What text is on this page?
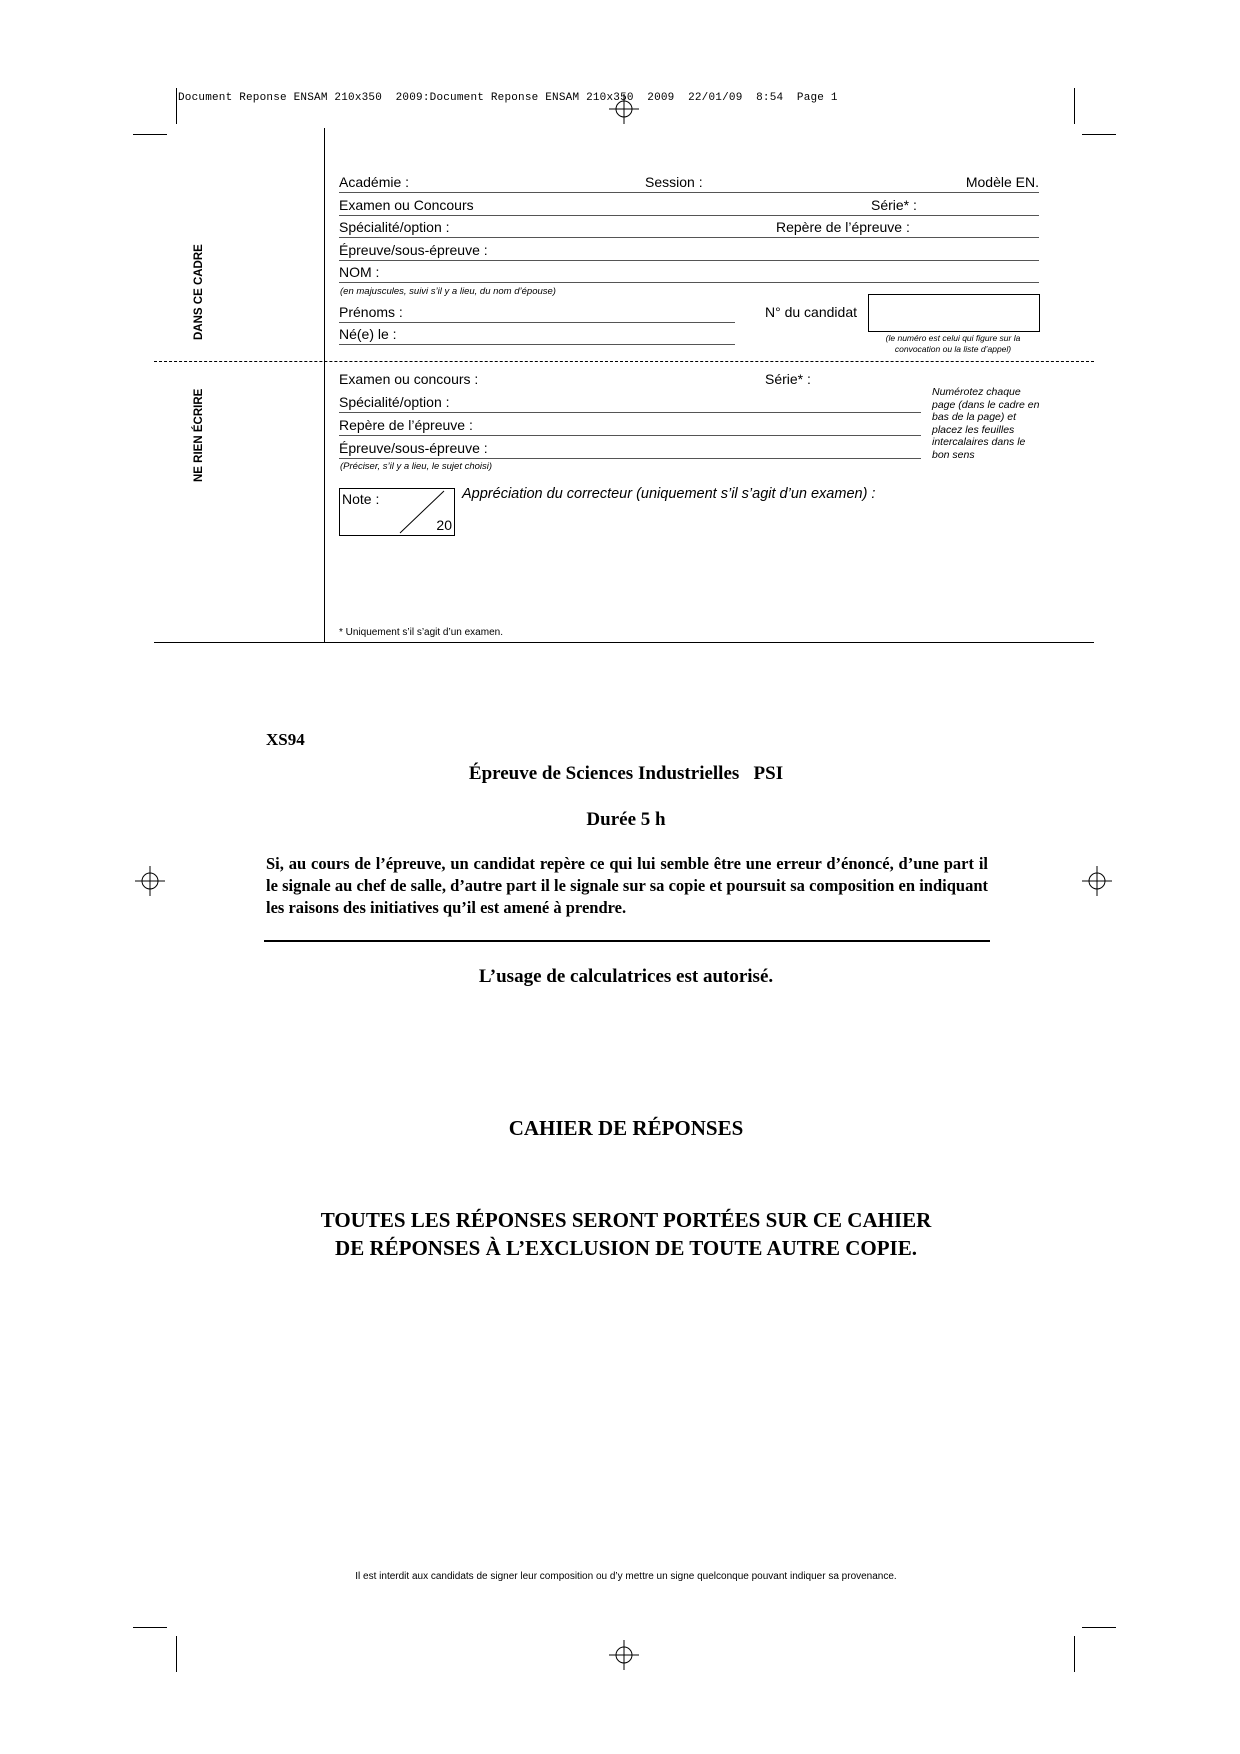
Document Reponse ENSAM 210x350  2009:Document Reponse ENSAM 210x350  2009  22/01/09  8:54  Page 1
DANS CE CADRE
NE RIEN ÉCRIRE
Académie :	Session :	Modèle EN.
Examen ou Concours	Série* :
Spécialité/option :	Repère de l’épreuve :
Épreuve/sous-épreuve :
NOM :
(en majuscules, suivi s’il y a lieu, du nom d’épouse)
Prénoms :
Né(e) le :
N° du candidat
(le numéro est celui qui figure sur la convocation ou la liste d’appel)
Examen ou concours :	Série* :
Spécialité/option :
Repère de l’épreuve :
Épreuve/sous-épreuve :
(Préciser, s’il y a lieu, le sujet choisi)
Numérotez chaque page (dans le cadre en bas de la page) et placez les feuilles intercalaires dans le bon sens
Note :
20
Appréciation du correcteur (uniquement s’il s’agit d’un examen) :
* Uniquement s’il s’agit d’un examen.
XS94
Épreuve de Sciences Industrielles   PSI
Durée 5 h
Si, au cours de l’épreuve, un candidat repère ce qui lui semble être une erreur d’énoncé, d’une part il le signale au chef de salle, d’autre part il le signale sur sa copie et poursuit sa composition en indiquant les raisons des initiatives qu’il est amené à prendre.
L’usage de calculatrices est autorisé.
CAHIER DE RÉPONSES
TOUTES LES RÉPONSES SERONT PORTÉES SUR CE CAHIER
DE RÉPONSES À L’EXCLUSION DE TOUTE AUTRE COPIE.
Il est interdit aux candidats de signer leur composition ou d’y mettre un signe quelconque pouvant indiquer sa provenance.
